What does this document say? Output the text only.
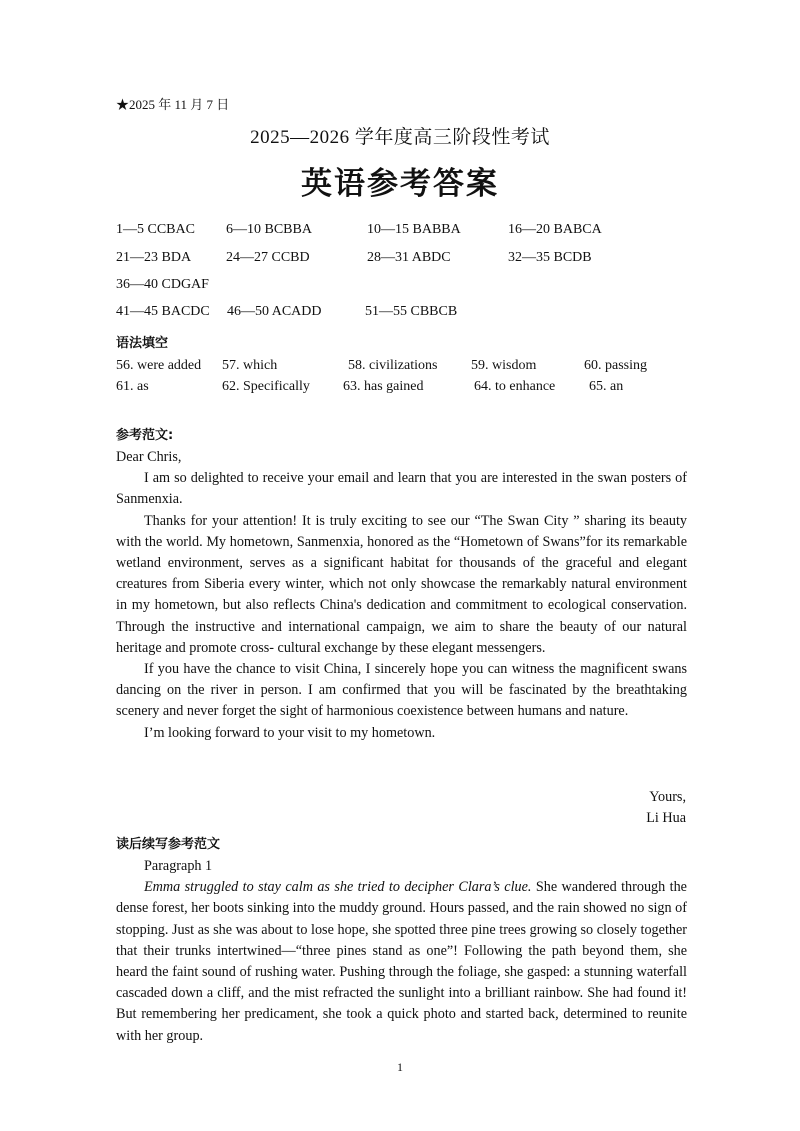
★2025 年 11 月 7 日
2025—2026 学年度高三阶段性考试
英语参考答案
1—5 CCBAC 6—10 BCBBA	10—15 BABBA	16—20 BABCA
21—23 BDA 24—27 CCBD	28—31 ABDC	32—35 BCDB
36—40 CDGAF
41—45 BACDC 46—50 ACADD	51—55 CBBCB
语法填空
56. were added 57. which	58. civilizations 59. wisdom	60. passing
61. as	62. Specifically 63. has gained	64. to enhance 65. an
参考范文:

Dear Chris,

I am so delighted to receive your email and learn that you are interested in the swan posters of Sanmenxia.

Thanks for your attention! It is truly exciting to see our “The Swan City ” sharing its beauty with the world. My hometown, Sanmenxia, honored as the “Hometown of Swans”for its remarkable wetland environment, serves as a significant habitat for thousands of the graceful and elegant creatures from Siberia every winter, which not only showcase the remarkably natural environment in my hometown, but also reflects China's dedication and commitment to ecological conservation. Through the instructive and international campaign, we aim to share the beauty of our natural heritage and promote cross- cultural exchange by these elegant messengers.

If you have the chance to visit China, I sincerely hope you can witness the magnificent swans dancing on the river in person. I am confirmed that you will be fascinated by the breathtaking scenery and never forget the sight of harmonious coexistence between humans and nature.

I’m looking forward to your visit to my hometown.

Yours,
Li Hua
读后续写参考范文

Paragraph 1

Emma struggled to stay calm as she tried to decipher Clara’s clue. She wandered through the dense forest, her boots sinking into the muddy ground. Hours passed, and the rain showed no sign of stopping. Just as she was about to lose hope, she spotted three pine trees growing so closely together that their trunks intertwined—“three pines stand as one”! Following the path beyond them, she heard the faint sound of rushing water. Pushing through the foliage, she gasped: a stunning waterfall cascaded down a cliff, and the mist refracted the sunlight into a brilliant rainbow. She had found it! But remembering her predicament, she took a quick photo and started back, determined to reunite with her group.

1
